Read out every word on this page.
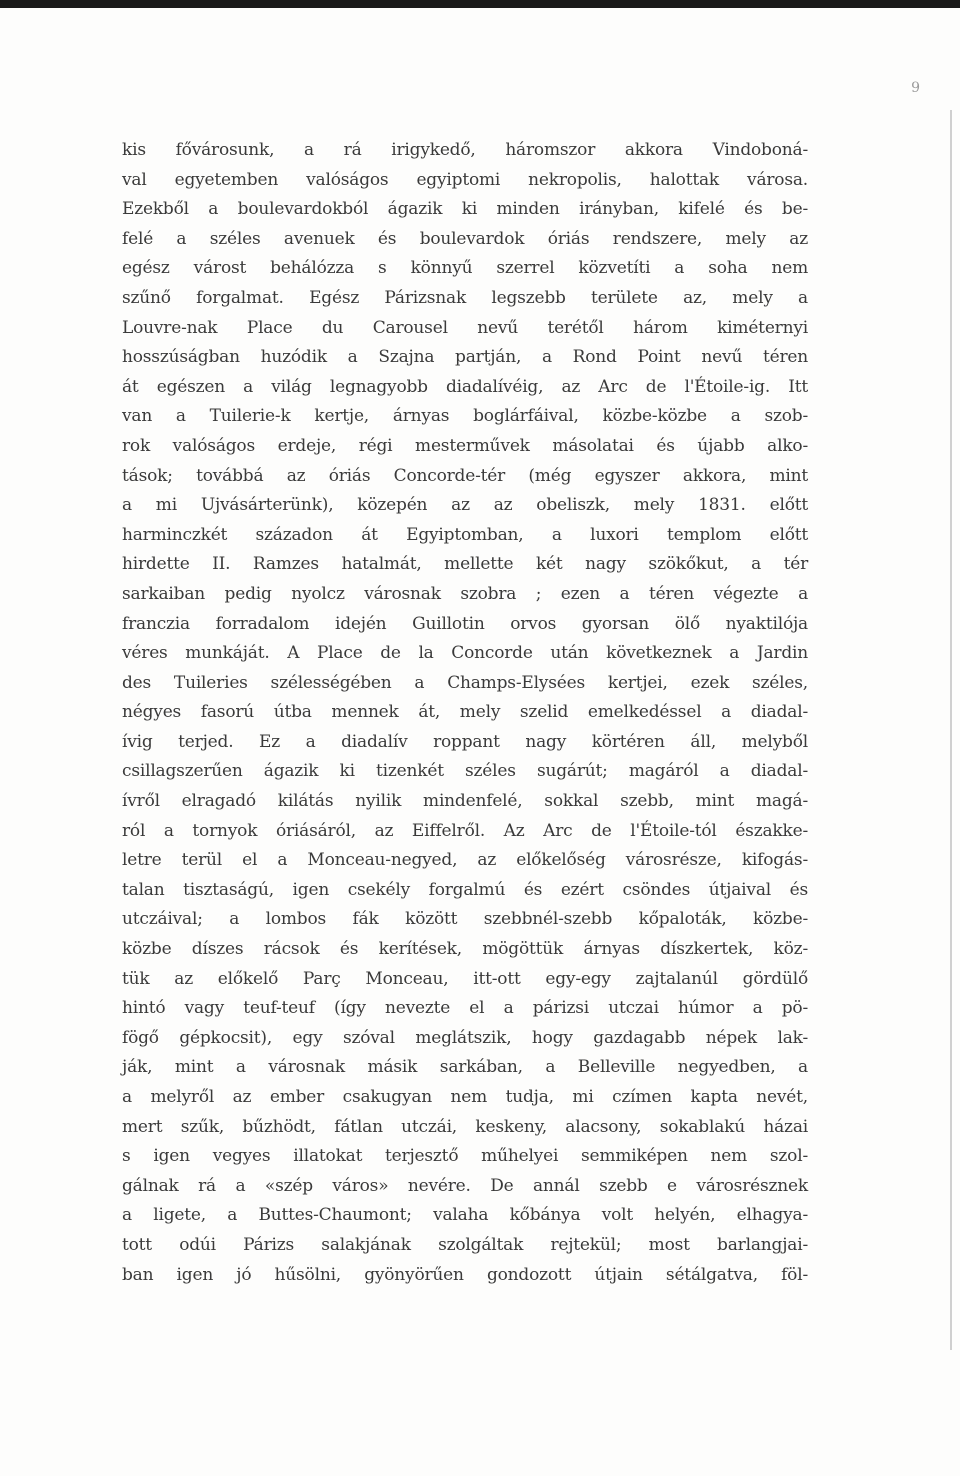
9
kis fővárosunk, a rá irigykedő, háromszor akkora Vindoboná-
val egyetemben valóságos egyiptomi nekropolis, halottak városa.
Ezekből a boulevardokból ágazik ki minden irányban, kifelé és be-
felé a széles avenuek és boulevardok óriás rendszere, mely az
egész várost behálózza s könnyű szerrel közvetíti a soha nem
szűnő forgalmat. Egész Párizsnak legszebb területe az, mely a
Louvre-nak Place du Carousel nevű terétől három kiméternyi
hosszúságban huzódik a Szajna partján, a Rond Point nevű téren
át egészen a világ legnagyobb diadalívéig, az Arc de l'Étoile-ig. Itt
van a Tuilerie-k kertje, árnyas boglárfáival, közbe-közbe a szob-
rok valóságos erdeje, régi mesterművek másolatai és újabb alko-
tások; továbbá az óriás Concorde-tér (még egyszer akkora, mint
a mi Ujvásárterünk), közepén az az obeliszk, mely 1831. előtt
harminczkét századon át Egyiptomban, a luxori templom előtt
hirdette II. Ramzes hatalmát, mellette két nagy szökőkut, a tér
sarkaiban pedig nyolcz városnak szobra ; ezen a téren végezte a
franczia forradalom idején Guillotin orvos gyorsan ölő nyaktilója
véres munkáját. A Place de la Concorde után következnek a Jardin
des Tuileries szélességében a Champs-Elysées kertjei, ezek széles,
négyes fasorú útba mennek át, mely szelid emelkedéssel a diadal-
ívig terjed. Ez a diadalív roppant nagy körtéren áll, melyből
csillagszerűen ágazik ki tizenkét széles sugárút; magáról a diadal-
ívről elragadó kilátás nyilik mindenfelé, sokkal szebb, mint magá-
ról a tornyok óriásáról, az Eiffelről. Az Arc de l'Étoile-tól északke-
letre terül el a Monceau-negyed, az előkelőség városrésze, kifogás-
talan tisztaságú, igen csekély forgalmú és ezért csöndes útjaival és
utczáival; a lombos fák között szebbnél-szebb kőpaloták, közbe-
közbe díszes rácsok és kerítések, mögöttük árnyas díszkertek, köz-
tük az előkelő Parç Monceau, itt-ott egy-egy zajtalanúl gördülő
hintó vagy teuf-teuf (így nevezte el a párizsi utczai húmor a pö-
fögő gépkocsit), egy szóval meglátszik, hogy gazdagabb népek lak-
ják, mint a városnak másik sarkában, a Belleville negyedben, a
a melyről az ember csakugyan nem tudja, mi czímen kapta nevét,
mert szűk, bűzhödt, fátlan utczái, keskeny, alacsony, sokablakú házai
s igen vegyes illatokat terjesztő műhelyei semmiképen nem szol-
gálnak rá a «szép város» nevére. De annál szebb e városrésznek
a ligete, a Buttes-Chaumont; valaha kőbánya volt helyén, elhagya-
tott odúi Párizs salakjának szolgáltak rejtekül; most barlangjai-
ban igen jó hűsölni, gyönyörűen gondozott útjain sétálgatva, föl-
